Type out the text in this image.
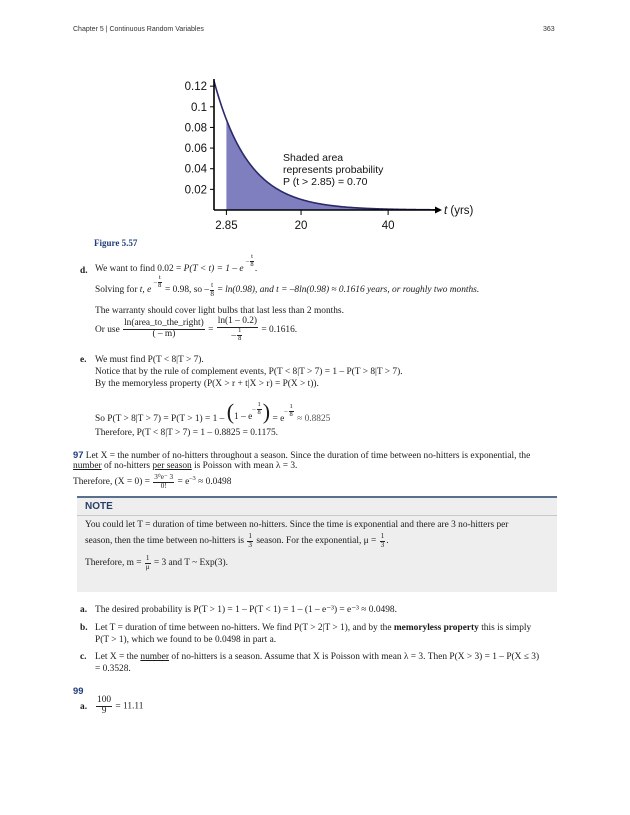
Chapter 5 | Continuous Random Variables	363
0.02
0.04
0.06
0.08
0.1
0.12
2.85	20	40
t (yrs)
Shaded area
represents probability
P (t > 2.85) = 0.70
Figure 5.57
d. We want to find 0.02 = P(T < t) = 1 – e $^{- \frac{t}{8}}$
.
Solving for t, e $^{- \frac{t}{8}}$
= 0.98, so – $\frac{t}{8} = \ln(0.98)$, and t = –8ln(0.98) ≈ 0.1616 years, or roughly two months.
The warranty should cover light bulbs that last less than 2 months.
Or use $\frac{\text{ln(area\_to\_the\_right)}}{( - m)} = \frac{\ln(1 - 0.2)}{- \frac{1}{8}} = 0.1616$.
e. We must find P(T < 8|T > 7).
Notice that by the rule of complement events, P(T < 8|T > 7) = 1 – P(T > 8|T > 7).
By the memoryless property (P(X > r + t|X > r) = P(X > t)).
So $P(T > 8|T > 7) = P(T > 1) = 1 - (1 - e^{- \frac{1}{8}}$ ) = $e^{- \frac{1}{8}}$
≈ 0.8825
Therefore, P(T < 8|T > 7) = 1 – 0.8825 = 0.1175.
97 Let X = the number of no-hitters throughout a season. Since the duration of time between no-hitters is exponential, the
number of no-hitters per season is Poisson with mean λ = 3.
Therefore, $(X = 0) = \frac{\text{3⁰e⁻ 3}}{0!} = e^{-3} \approx 0.0498$
NOTE
You could let T = duration of time between no-hitters. Since the time is exponential and there are 3 no-hitters per
season, then the time between no-hitters is $\frac{1}{3}$ season. For the exponential, $\mu = \frac{1}{3}$ .
Therefore, $m = \frac{1}{\mu} = 3$ and T ~ Exp(3).
a. The desired probability is P(T > 1) = 1 – P(T < 1) = 1 – (1 – e⁻³) = e⁻³ ≈ 0.0498.
b. Let T = duration of time between no-hitters. We find P(T > 2|T > 1), and by the memoryless property this is simply
P(T > 1), which we found to be 0.0498 in part a.
c. Let X = the number of no-hitters is a season. Assume that X is Poisson with mean λ = 3. Then P(X > 3) = 1 – P(X ≤ 3)
= 0.3528.
99
a. $\frac{100}{9} = 11.11$
